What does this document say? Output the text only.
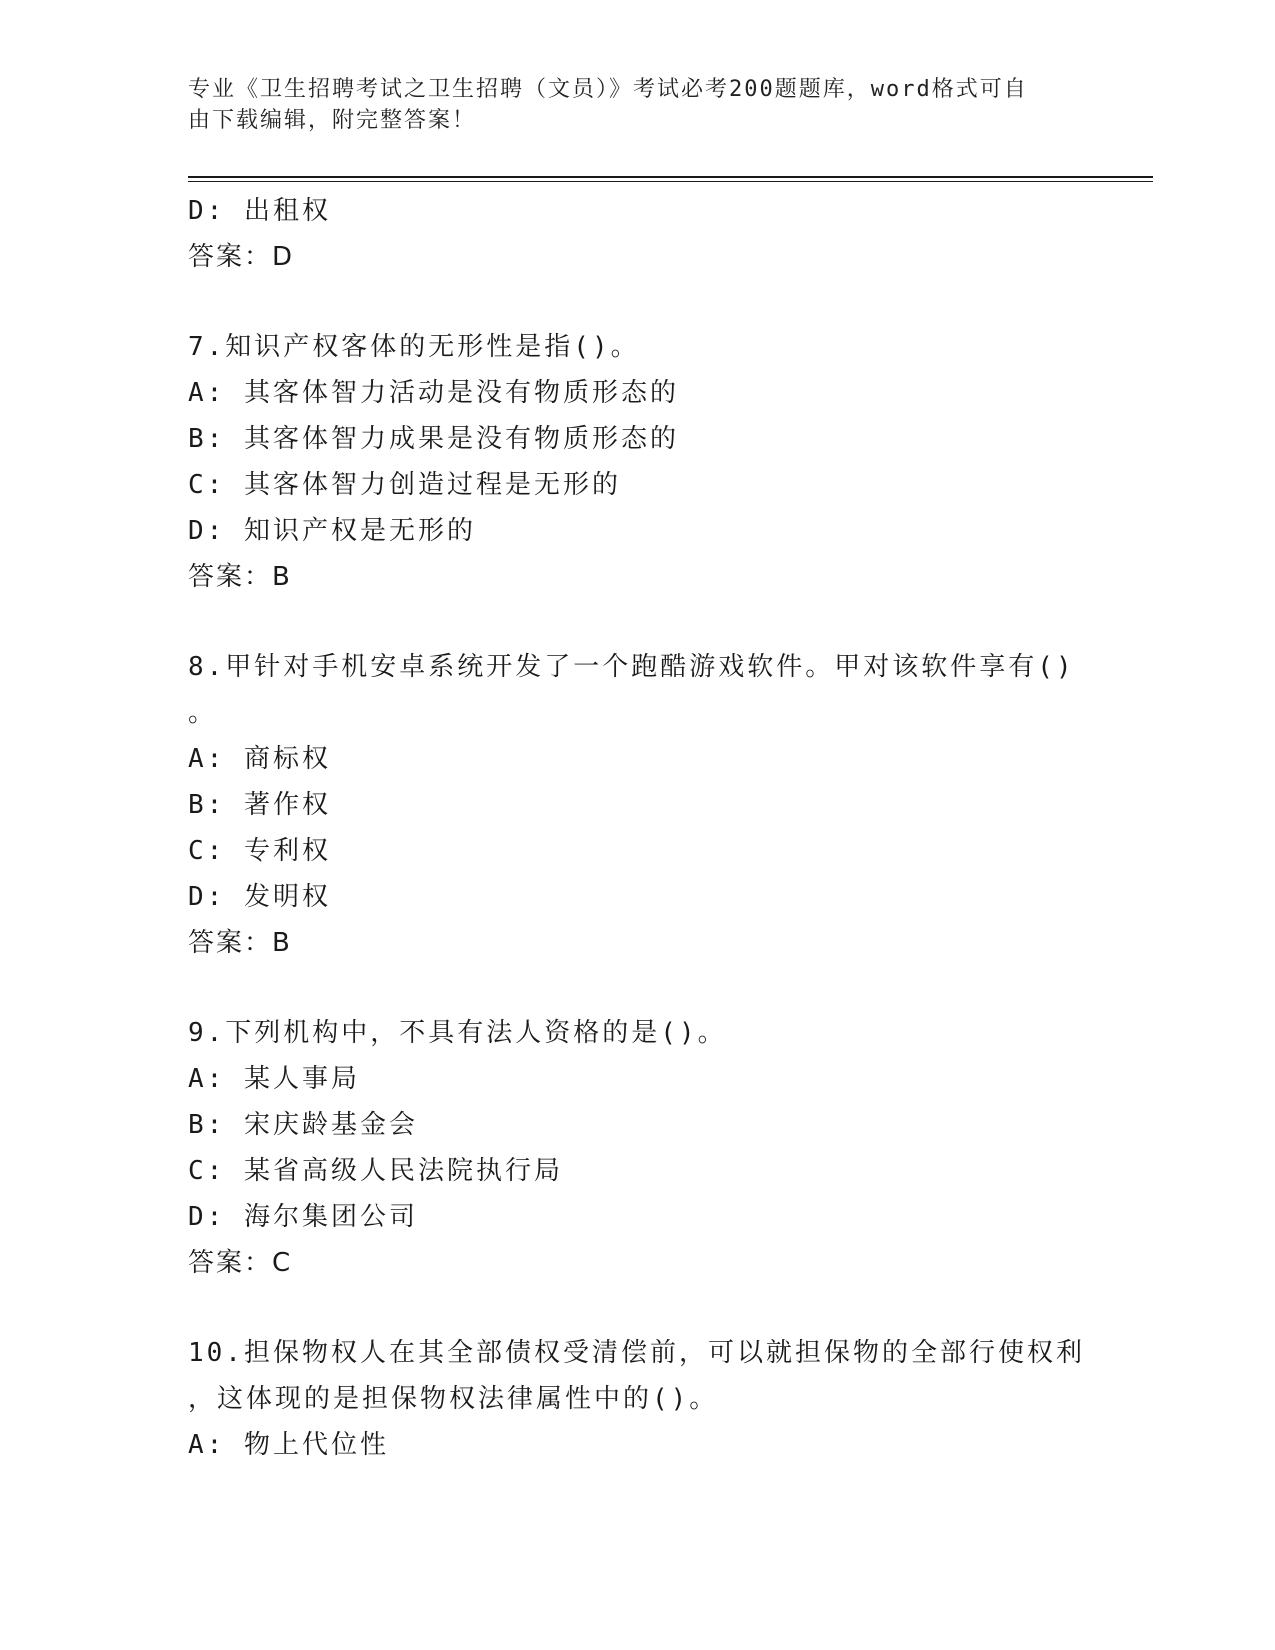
专业《卫生招聘考试之卫生招聘（文员）》考试必考200题题库，word格式可自
由下载编辑，附完整答案！
D: 出租权
答案：D
7.知识产权客体的无形性是指()。
A: 其客体智力活动是没有物质形态的
B: 其客体智力成果是没有物质形态的
C: 其客体智力创造过程是无形的
D: 知识产权是无形的
答案：B
8.甲针对手机安卓系统开发了一个跑酷游戏软件。甲对该软件享有()
。
A: 商标权
B: 著作权
C: 专利权
D: 发明权
答案：B
9.下列机构中，不具有法人资格的是()。
A: 某人事局
B: 宋庆龄基金会
C: 某省高级人民法院执行局
D: 海尔集团公司
答案：C
10.担保物权人在其全部债权受清偿前，可以就担保物的全部行使权利
，这体现的是担保物权法律属性中的()。
A: 物上代位性
